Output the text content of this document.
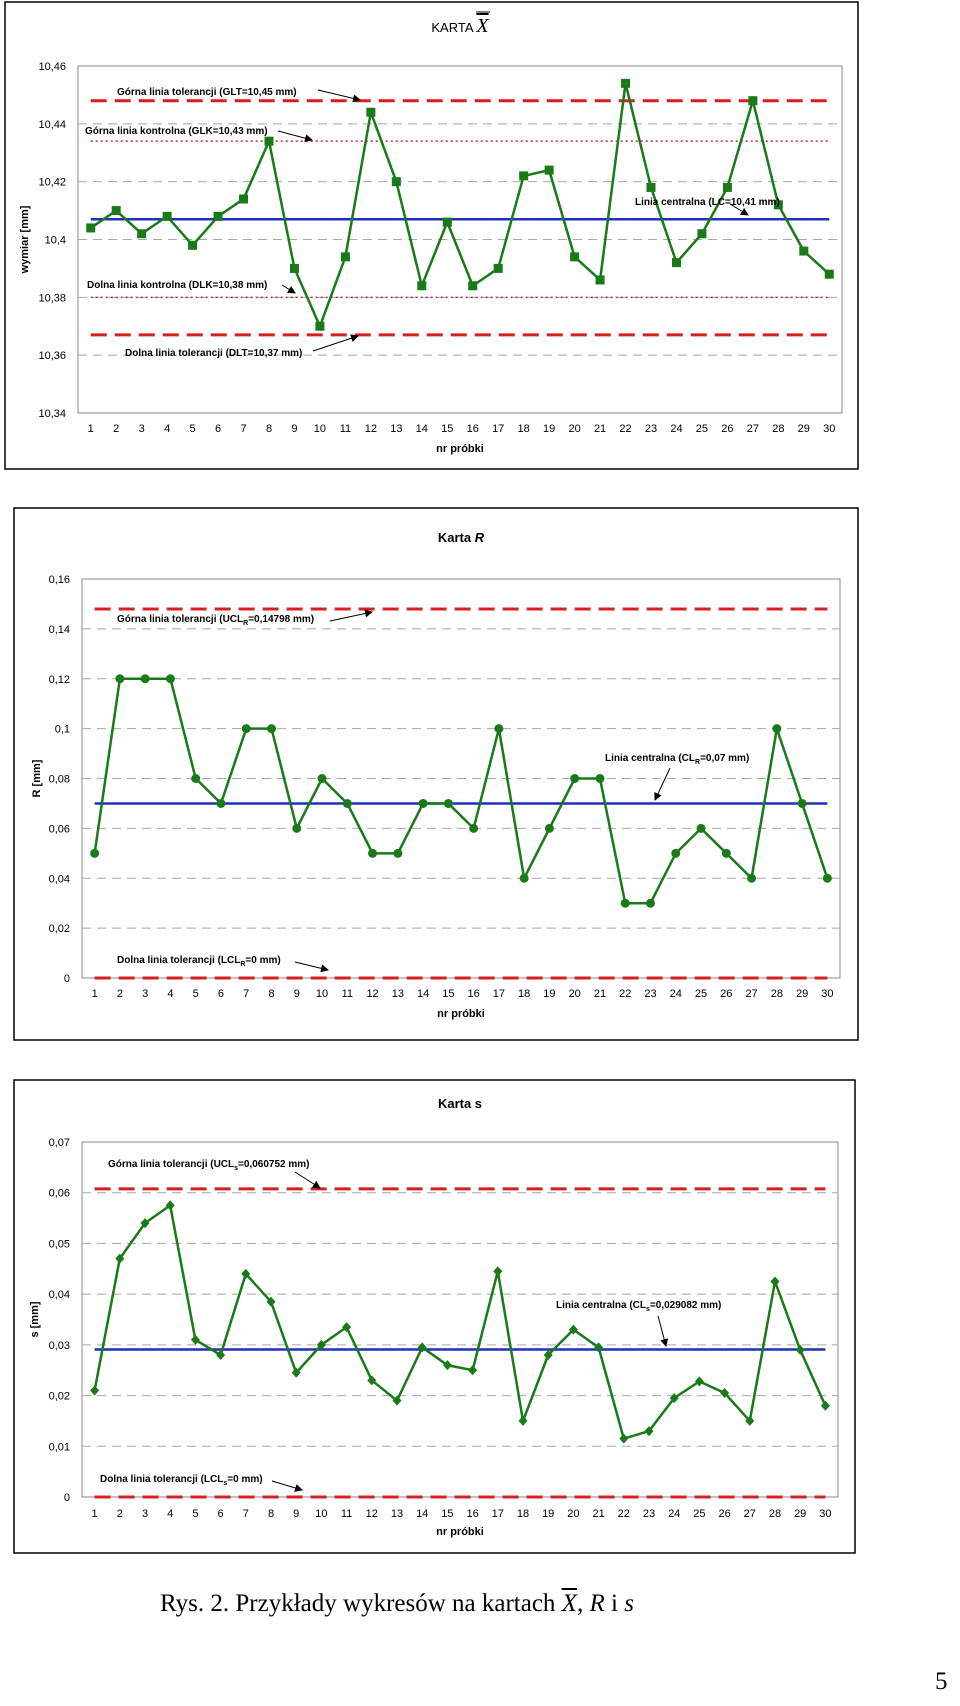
KARTA X
10,34
10,36
10,38
10,4
10,42
10,44
10,46
1 2 3 4 5 6 7 8 9 10 11 12 13 14 15 16 17 18 19 20 21 22 23 24 25 26 27 28 29 30
nr próbki
wymiar [mm]
Górna linia tolerancji (GLT=10,45 mm)
Górna linia kontrolna (GLK=10,43 mm)
Linia centralna (LC=10,41 mm)
Dolna linia kontrolna (DLK=10,38 mm)
Dolna linia tolerancji (DLT=10,37 mm)
Karta R
0
0,02
0,04
0,06
0,08
0,1
0,12
0,14
0,16
1 2 3 4 5 6 7 8 9 10 11 12 13 14 15 16 17 18 19 20 21 22 23 24 25 26 27 28 29 30
nr próbki
R [mm]
Górna linia tolerancji ($UCL_R=0,14798$ mm)
Linia centralna ($CL_R=0,07$ mm)
Dolna linia tolerancji ($LCL_R=0$ mm)
Karta s
0
0,01
0,02
0,03
0,04
0,05
0,06
0,07
1 2 3 4 5 6 7 8 9 10 11 12 13 14 15 16 17 18 19 20 21 22 23 24 25 26 27 28 29 30
nr próbki
s [mm]
Górna linia tolerancji ($UCL_s=0,060752$ mm)
Linia centralna ($CL_s=0,029082$ mm)
Dolna linia tolerancji ($LCL_s=0$ mm)
Rys. 2. Przykłady wykresów na kartach $\overline{X}$, R i s
5
